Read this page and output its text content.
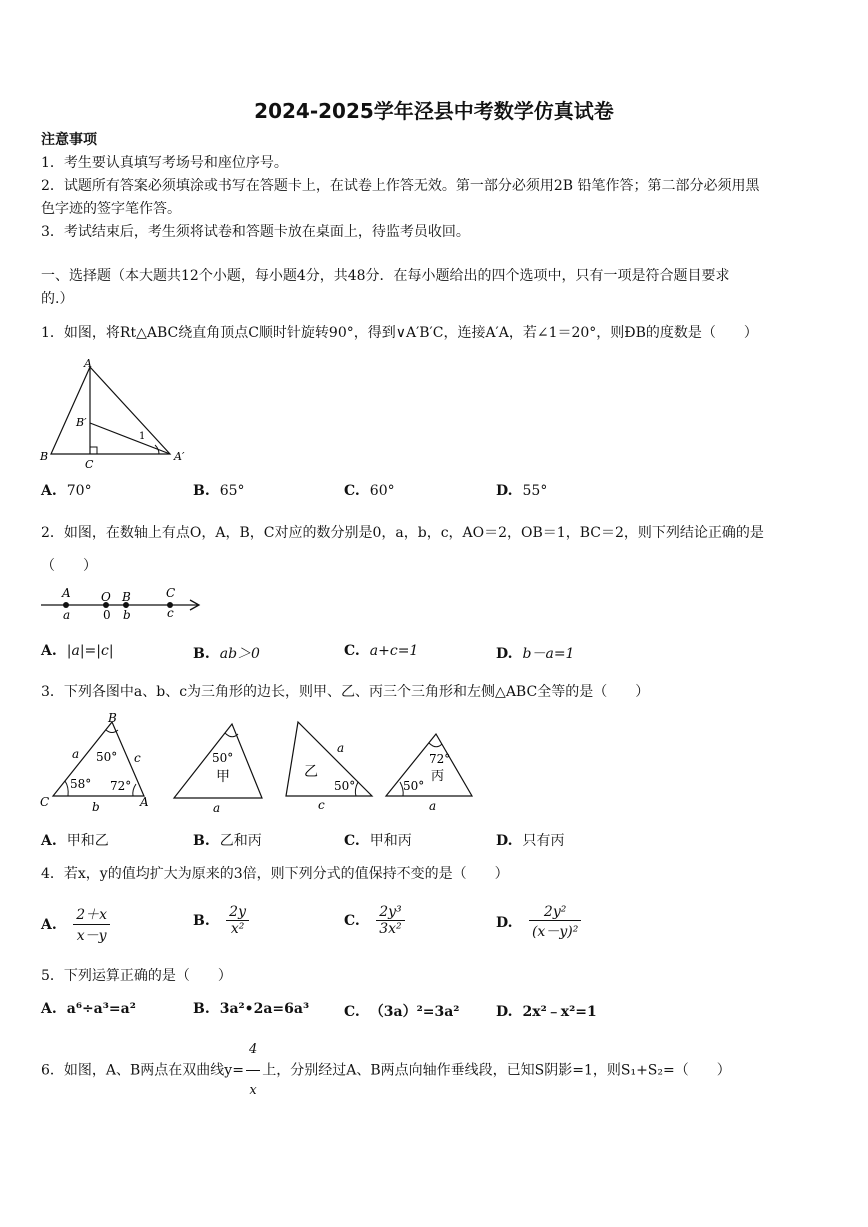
2024-2025学年泾县中考数学仿真试卷
注意事项
1．考生要认真填写考场号和座位序号。
2．试题所有答案必须填涂或书写在答题卡上，在试卷上作答无效。第一部分必须用2B 铅笔作答；第二部分必须用黑
色字迹的签字笔作答。
3．考试结束后，考生须将试卷和答题卡放在桌面上，待监考员收回。
一、选择题（本大题共12个小题，每小题4分，共48分．在每小题给出的四个选项中，只有一项是符合题目要求
的.）
1．如图，将Rt△ABC绕直角顶点C顺时针旋转90°，得到∨A′B′C，连接A′A，若∠1＝20°，则ÐB的度数是（　　）
A
B
C
B′
A′
1
A. 70°	B. 65°	C. 60°	D. 55°
2．如图，在数轴上有点O，A，B，C对应的数分别是0，a，b，c，AO＝2，OB＝1，BC＝2，则下列结论正确的是
（　　）
A	O B	C
a	0 b	c
A. |a|=|c|	B. ab＞0	C. a+c=1	D. b－a=1
3．下列各图中a、b、c为三角形的边长，则甲、乙、丙三个三角形和左侧△ABC全等的是（　　）
B
C	A
a	c
b
50°
58° 72°
50°
甲
a
乙
a
50°
c
72°
丙
50°
a
A. 甲和乙	B. 乙和丙	C. 甲和丙	D. 只有丙
4．若x，y的值均扩大为原来的3倍，则下列分式的值保持不变的是（　　）
A. $\frac{2+x}{x-y}$	B. $\frac{2y}{\text{x²}}$	C. $\frac{\text{2y³}}{\text{3x²}}$	D. $\frac{\text{2y²}}{\text{(x－y)²}}$
5．下列运算正确的是（　　）
A. a⁶÷a³=a²	B. 3a²•2a=6a³ C. （3a）²=3a²	D. 2x²﹣x²=1
6．如图，A、B两点在双曲线$y= \frac{4}{x}$ 上，分别经过A、B两点向轴作垂线段，已知S阴影=1，则S₁+S₂=（　　）
